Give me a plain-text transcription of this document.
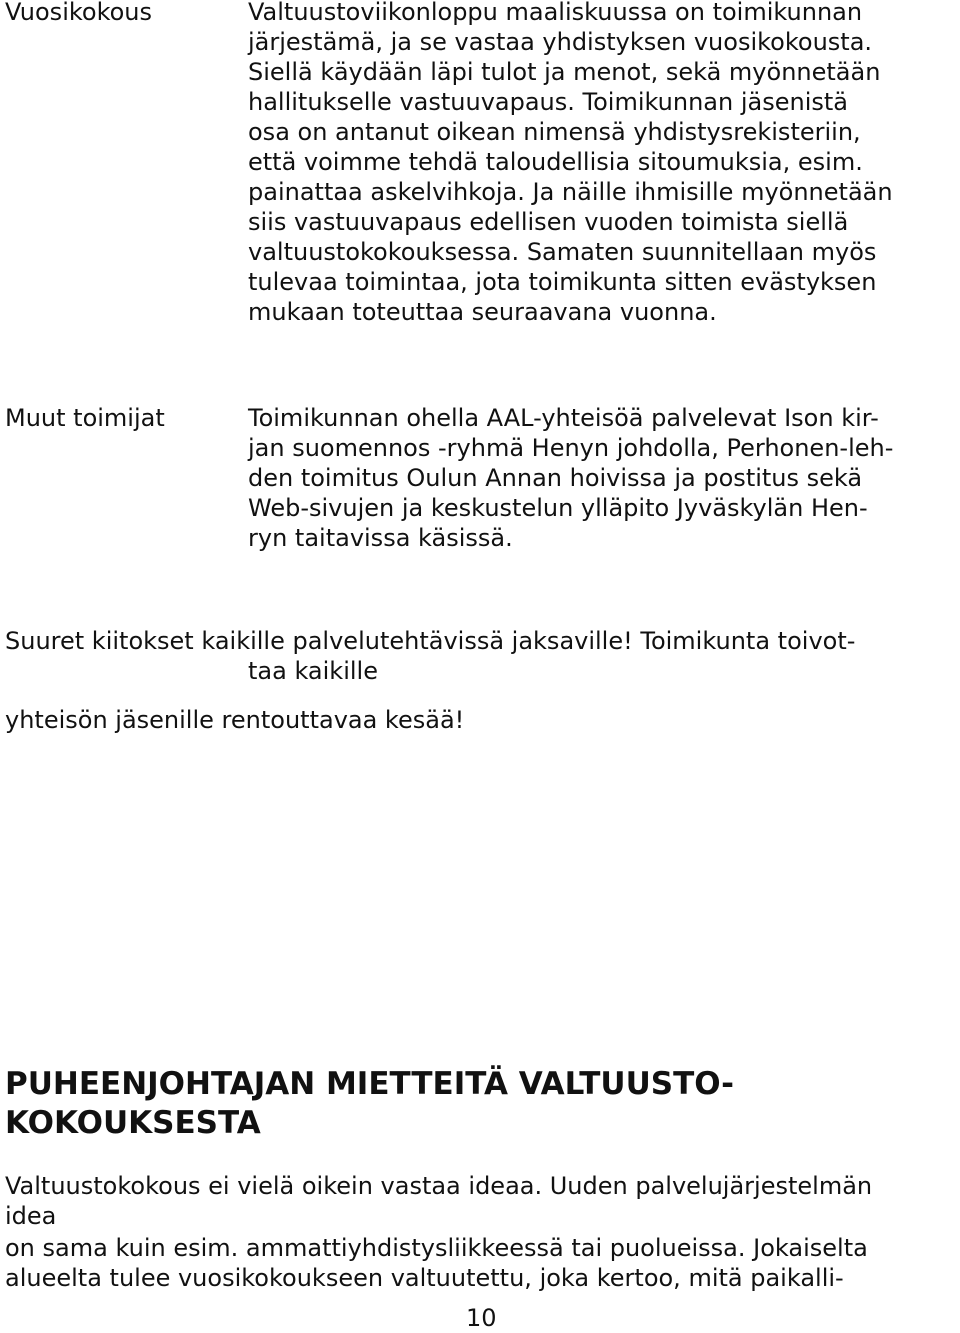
Vuosikokous	Valtuustoviikonloppu maaliskuussa on toimikunnan
järjestämä, ja se vastaa yhdistyksen vuosikokousta.
Siellä käydään läpi tulot ja menot, sekä myönnetään
hallitukselle vastuuvapaus. Toimikunnan jäsenistä
osa on antanut oikean nimensä yhdistysrekisteriin,
että voimme tehdä taloudellisia sitoumuksia, esim.
painattaa askelvihkoja. Ja näille ihmisille myönnetään
siis vastuuvapaus edellisen vuoden toimista siellä
valtuustokokouksessa. Samaten suunnitellaan myös
tulevaa toimintaa, jota toimikunta sitten evästyksen
mukaan toteuttaa seuraavana vuonna.
Muut toimijat	Toimikunnan ohella AAL-yhteisöä palvelevat Ison kir-
jan suomennos -ryhmä Henyn johdolla, Perhonen-leh-
den toimitus Oulun Annan hoivissa ja postitus sekä
Web-sivujen ja keskustelun ylläpito Jyväskylän Hen-
ryn taitavissa käsissä.
Suuret kiitokset kaikille palvelutehtävissä jaksaville! Toimikunta toivot-
taa kaikille
yhteisön jäsenille rentouttavaa kesää!
PUHEENJOHTAJAN MIETTEITÄ VALTUUSTO-
KOKOUKSESTA
Valtuustokokous ei vielä oikein vastaa ideaa. Uuden palvelujärjestelmän
idea
on sama kuin esim. ammattiyhdistysliikkeessä tai puolueissa. Jokaiselta
alueelta tulee vuosikokoukseen valtuutettu, joka kertoo, mitä paikalli-
10
